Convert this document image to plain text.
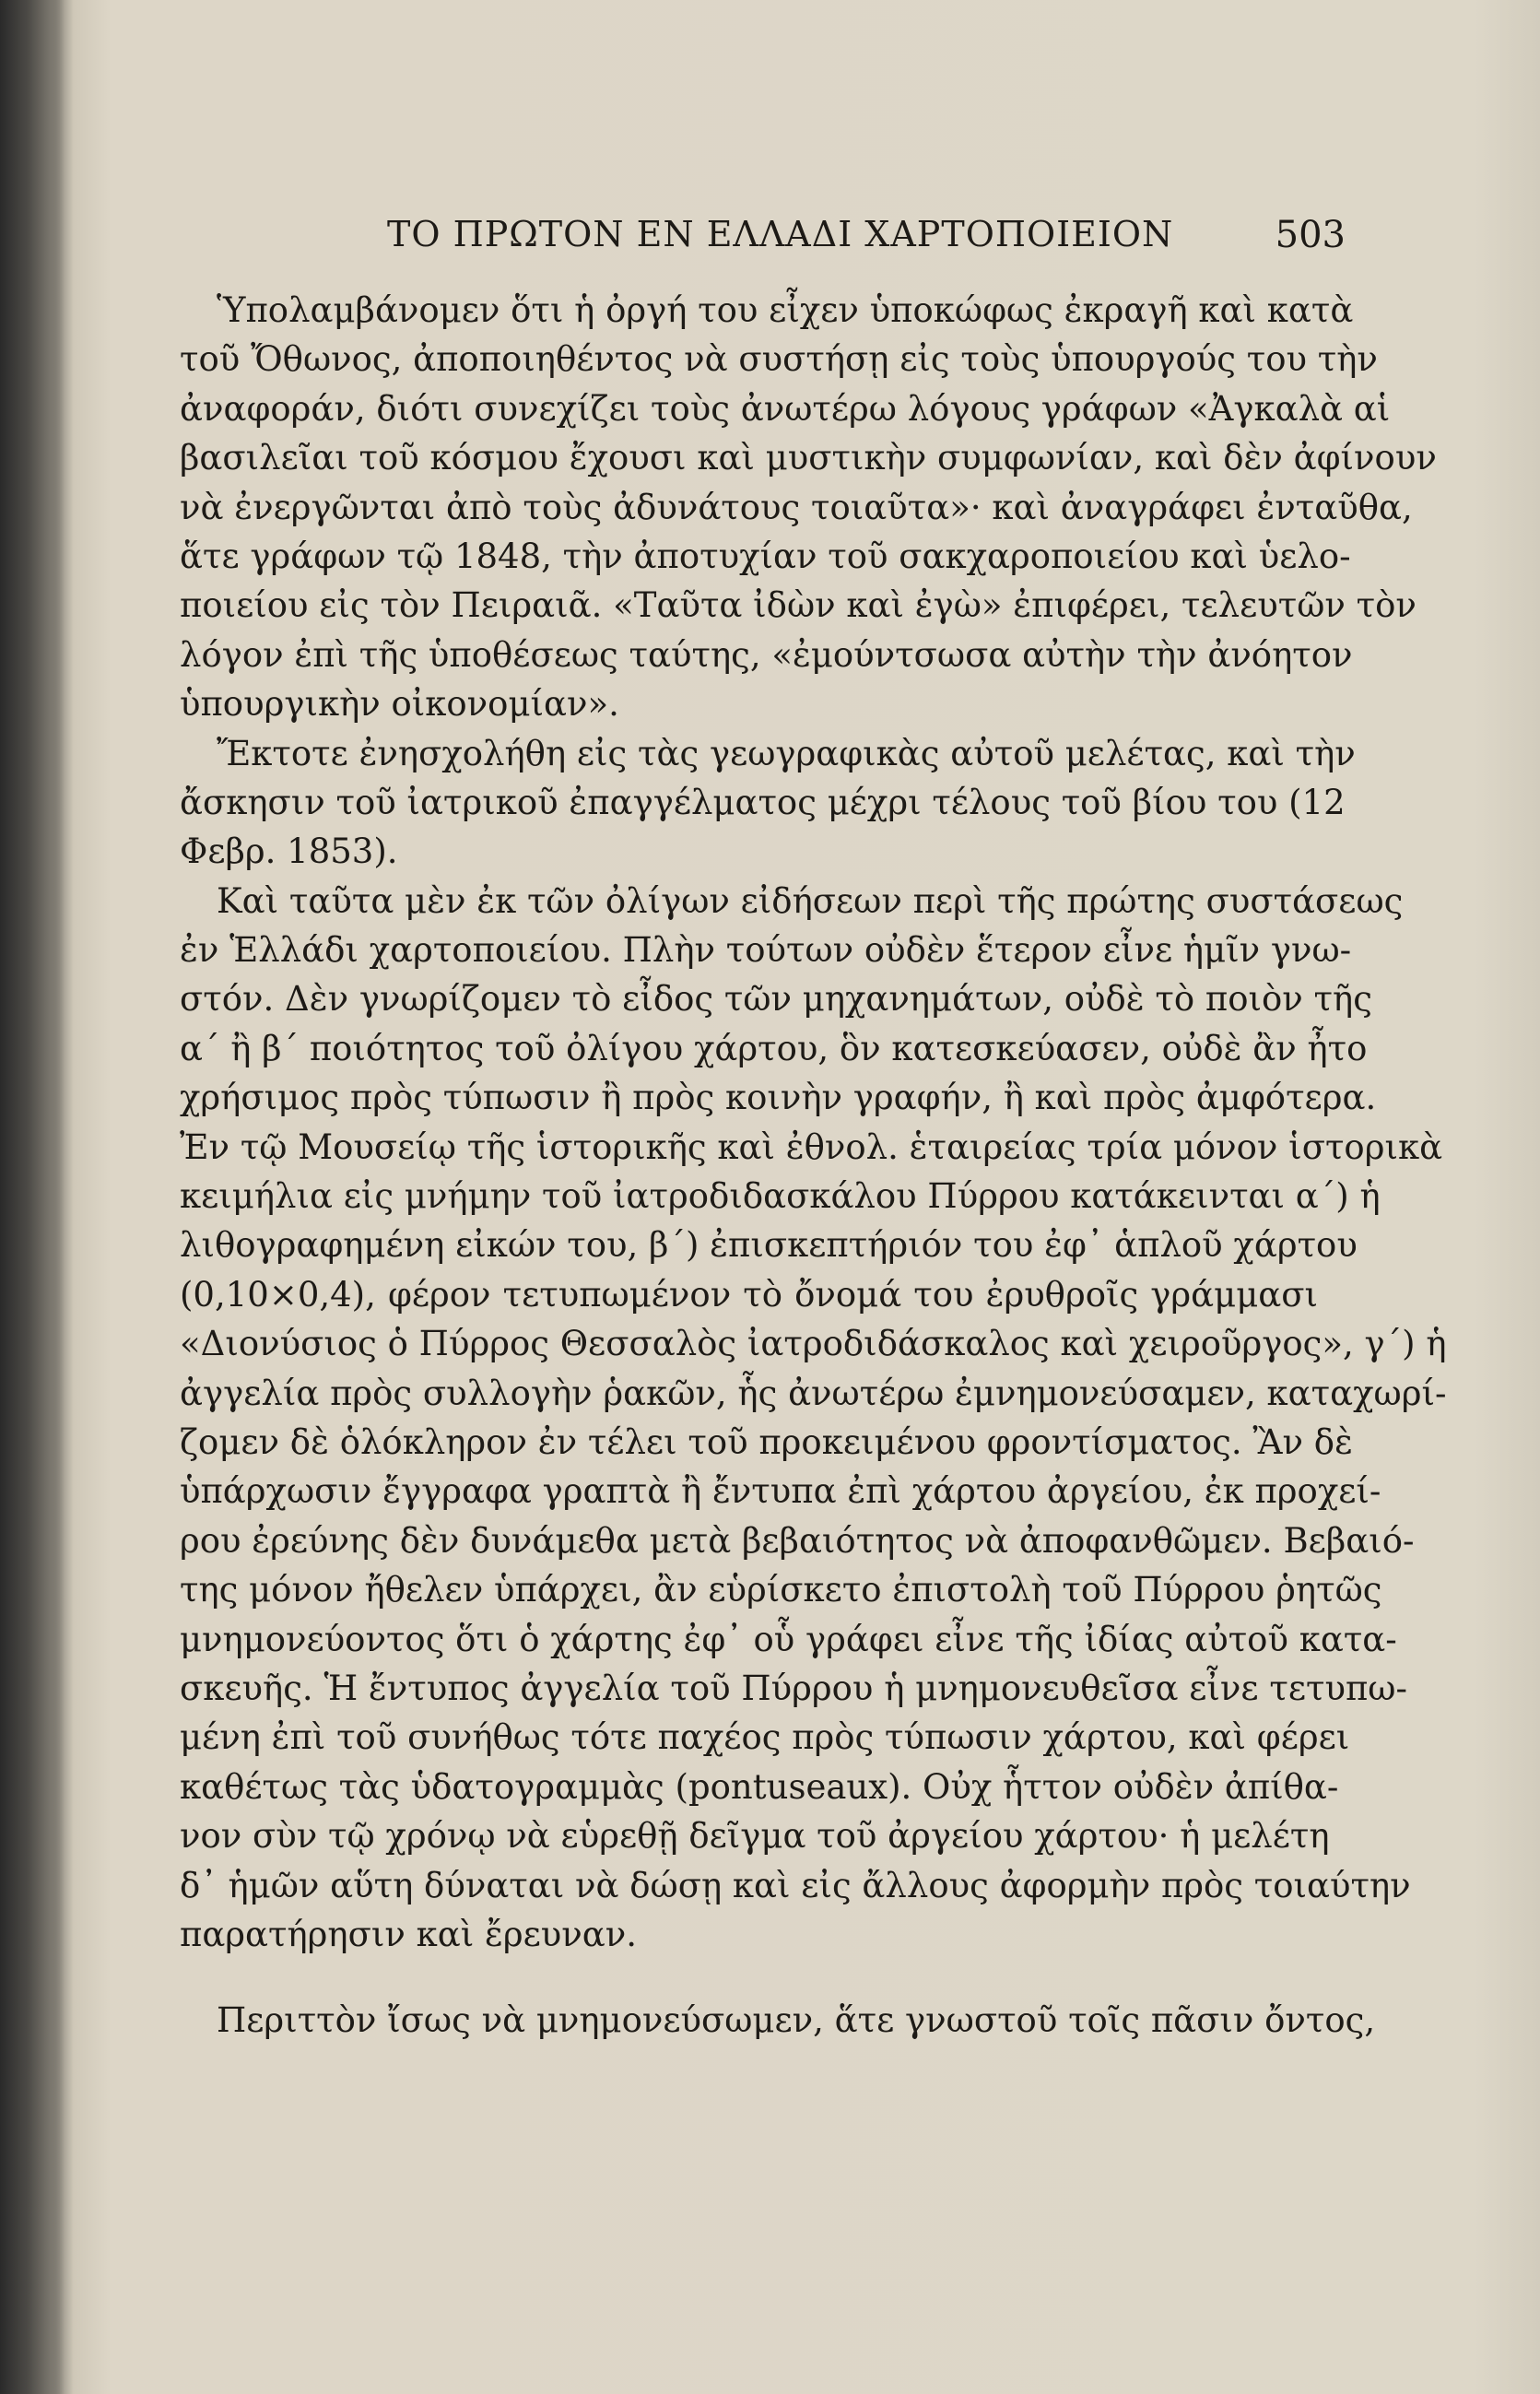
ΤΟ ΠΡΩΤΟΝ ΕΝ ΕΛΛΑΔΙ ΧΑΡΤΟΠΟΙΕΙΟΝ	503
Ὑπολαμβάνομεν ὅτι ἡ ὀργή του εἶχεν ὑποκώφως ἐκραγῆ καὶ κατὰ
τοῦ Ὄθωνος, ἀποποιηθέντος νὰ συστήσῃ εἰς τοὺς ὑπουργούς του τὴν
ἀναφοράν, διότι συνεχίζει τοὺς ἀνωτέρω λόγους γράφων «Ἀγκαλὰ αἱ
βασιλεῖαι τοῦ κόσμου ἔχουσι καὶ μυστικὴν συμφωνίαν, καὶ δὲν ἀφίνουν
νὰ ἐνεργῶνται ἀπὸ τοὺς ἀδυνάτους τοιαῦτα»· καὶ ἀναγράφει ἐνταῦθα,
ἅτε γράφων τῷ 1848, τὴν ἀποτυχίαν τοῦ σακχαροποιείου καὶ ὑελο-
ποιείου εἰς τὸν Πειραιᾶ. «Ταῦτα ἰδὼν καὶ ἐγὼ» ἐπιφέρει, τελευτῶν τὸν
λόγον ἐπὶ τῆς ὑποθέσεως ταύτης, «ἐμούντσωσα αὐτὴν τὴν ἀνόητον
ὑπουργικὴν οἰκονομίαν».
Ἔκτοτε ἐνησχολήθη εἰς τὰς γεωγραφικὰς αὐτοῦ μελέτας, καὶ τὴν
ἄσκησιν τοῦ ἰατρικοῦ ἐπαγγέλματος μέχρι τέλους τοῦ βίου του (12
Φεβρ. 1853).
Καὶ ταῦτα μὲν ἐκ τῶν ὀλίγων εἰδήσεων περὶ τῆς πρώτης συστάσεως
ἐν Ἑλλάδι χαρτοποιείου. Πλὴν τούτων οὐδὲν ἕτερον εἶνε ἡμῖν γνω-
στόν. Δὲν γνωρίζομεν τὸ εἶδος τῶν μηχανημάτων, οὐδὲ τὸ ποιὸν τῆς
α´ ἢ β´ ποιότητος τοῦ ὀλίγου χάρτου, ὃν κατεσκεύασεν, οὐδὲ ἂν ἦτο
χρήσιμος πρὸς τύπωσιν ἢ πρὸς κοινὴν γραφήν, ἢ καὶ πρὸς ἀμφότερα.
Ἐν τῷ Μουσείῳ τῆς ἱστορικῆς καὶ ἐθνολ. ἑταιρείας τρία μόνον ἱστορικὰ
κειμήλια εἰς μνήμην τοῦ ἰατροδιδασκάλου Πύρρου κατάκεινται α´) ἡ
λιθογραφημένη εἰκών του, β´) ἐπισκεπτήριόν του ἐφ᾽ ἁπλοῦ χάρτου
(0,10×0,4), φέρον τετυπωμένον τὸ ὄνομά του ἐρυθροῖς γράμμασι
«Διονύσιος ὁ Πύρρος Θεσσαλὸς ἰατροδιδάσκαλος καὶ χειροῦργος», γ´) ἡ
ἀγγελία πρὸς συλλογὴν ῥακῶν, ἧς ἀνωτέρω ἐμνημονεύσαμεν, καταχωρί-
ζομεν δὲ ὁλόκληρον ἐν τέλει τοῦ προκειμένου φροντίσματος. Ἂν δὲ
ὑπάρχωσιν ἔγγραφα γραπτὰ ἢ ἔντυπα ἐπὶ χάρτου ἀργείου, ἐκ προχεί-
ρου ἐρεύνης δὲν δυνάμεθα μετὰ βεβαιότητος νὰ ἀποφανθῶμεν. Βεβαιό-
της μόνον ἤθελεν ὑπάρχει, ἂν εὑρίσκετο ἐπιστολὴ τοῦ Πύρρου ῥητῶς
μνημονεύοντος ὅτι ὁ χάρτης ἐφ᾽ οὗ γράφει εἶνε τῆς ἰδίας αὐτοῦ κατα-
σκευῆς. Ἡ ἔντυπος ἀγγελία τοῦ Πύρρου ἡ μνημονευθεῖσα εἶνε τετυπω-
μένη ἐπὶ τοῦ συνήθως τότε παχέος πρὸς τύπωσιν χάρτου, καὶ φέρει
καθέτως τὰς ὑδατογραμμὰς (pontuseaux). Οὐχ ἧττον οὐδὲν ἀπίθα-
νον σὺν τῷ χρόνῳ νὰ εὑρεθῇ δεῖγμα τοῦ ἀργείου χάρτου· ἡ μελέτη
δ᾽ ἡμῶν αὕτη δύναται νὰ δώσῃ καὶ εἰς ἄλλους ἀφορμὴν πρὸς τοιαύτην
παρατήρησιν καὶ ἔρευναν.
Περιττὸν ἴσως νὰ μνημονεύσωμεν, ἅτε γνωστοῦ τοῖς πᾶσιν ὄντος,
